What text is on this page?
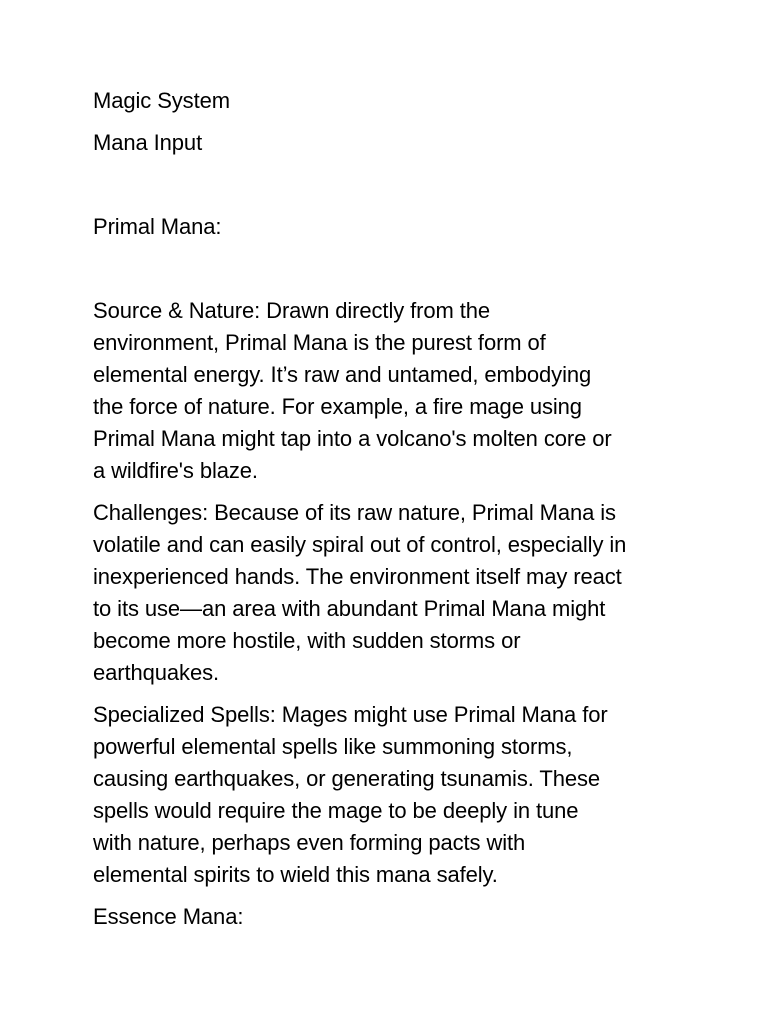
Magic System

Mana Input

Primal Mana:

Source & Nature: Drawn directly from the
environment, Primal Mana is the purest form of
elemental energy. It’s raw and untamed, embodying
the force of nature. For example, a fire mage using
Primal Mana might tap into a volcano's molten core or
a wildfire's blaze.

Challenges: Because of its raw nature, Primal Mana is
volatile and can easily spiral out of control, especially in
inexperienced hands. The environment itself may react
to its use—an area with abundant Primal Mana might
become more hostile, with sudden storms or
earthquakes.

Specialized Spells: Mages might use Primal Mana for
powerful elemental spells like summoning storms,
causing earthquakes, or generating tsunamis. These
spells would require the mage to be deeply in tune
with nature, perhaps even forming pacts with
elemental spirits to wield this mana safely.

Essence Mana:
